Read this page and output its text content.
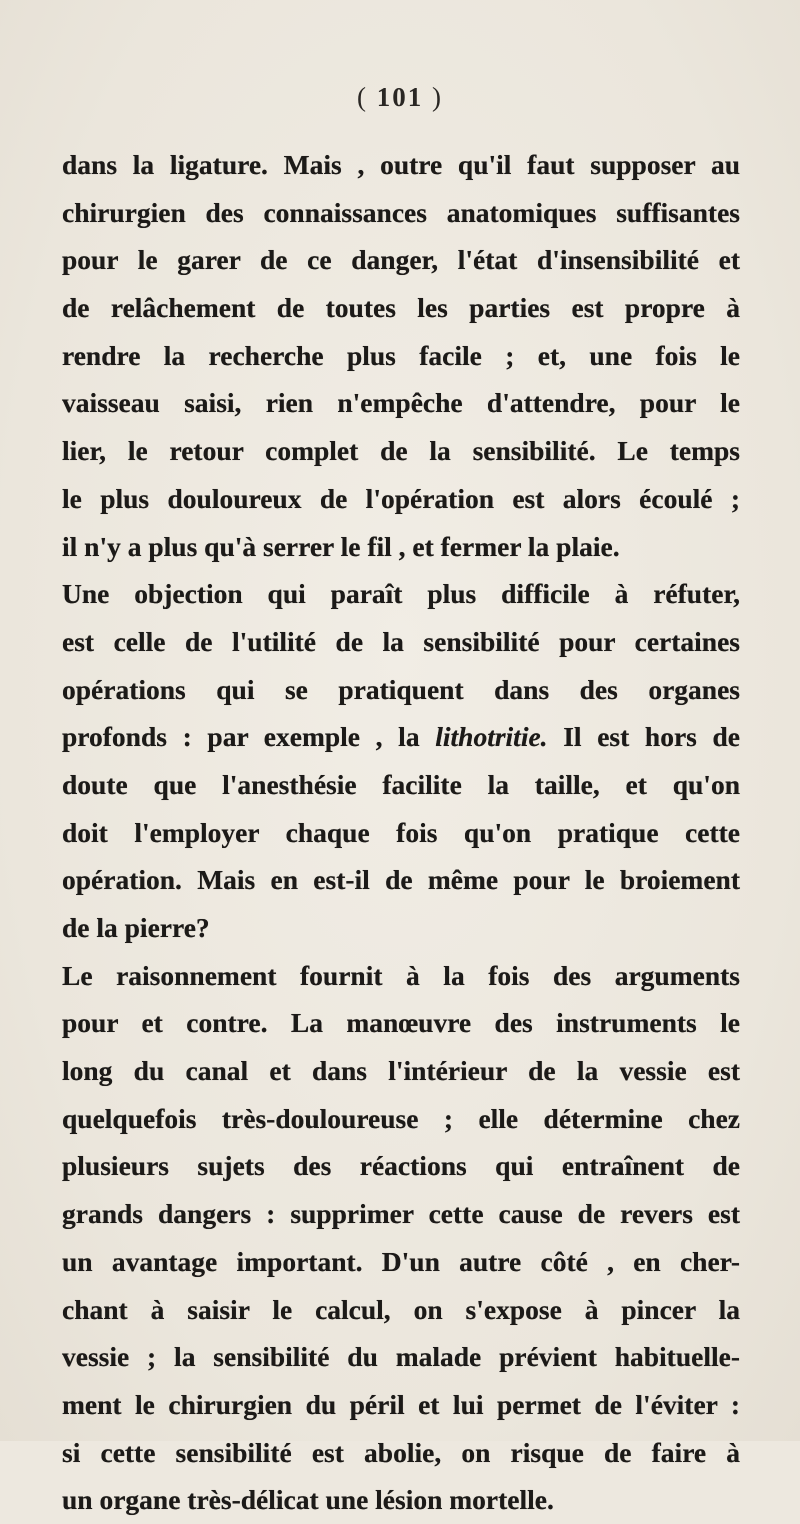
( 101 )
dans la ligature. Mais , outre qu'il faut supposer au
chirurgien des connaissances anatomiques suffisantes
pour le garer de ce danger, l'état d'insensibilité et
de relâchement de toutes les parties est propre à
rendre la recherche plus facile ; et, une fois le
vaisseau saisi, rien n'empêche d'attendre, pour le
lier, le retour complet de la sensibilité. Le temps
le plus douloureux de l'opération est alors écoulé ;
il n'y a plus qu'à serrer le fil , et fermer la plaie.
Une objection qui paraît plus difficile à réfuter,
est celle de l'utilité de la sensibilité pour certaines
opérations qui se pratiquent dans des organes
profonds : par exemple , la lithotritie. Il est hors de
doute que l'anesthésie facilite la taille, et qu'on
doit l'employer chaque fois qu'on pratique cette
opération. Mais en est-il de même pour le broiement
de la pierre?
Le raisonnement fournit à la fois des arguments
pour et contre. La manœuvre des instruments le
long du canal et dans l'intérieur de la vessie est
quelquefois très-douloureuse ; elle détermine chez
plusieurs sujets des réactions qui entraînent de
grands dangers : supprimer cette cause de revers est
un avantage important. D'un autre côté , en cher-
chant à saisir le calcul, on s'expose à pincer la
vessie ; la sensibilité du malade prévient habituelle-
ment le chirurgien du péril et lui permet de l'éviter :
si cette sensibilité est abolie, on risque de faire à
un organe très-délicat une lésion mortelle.
